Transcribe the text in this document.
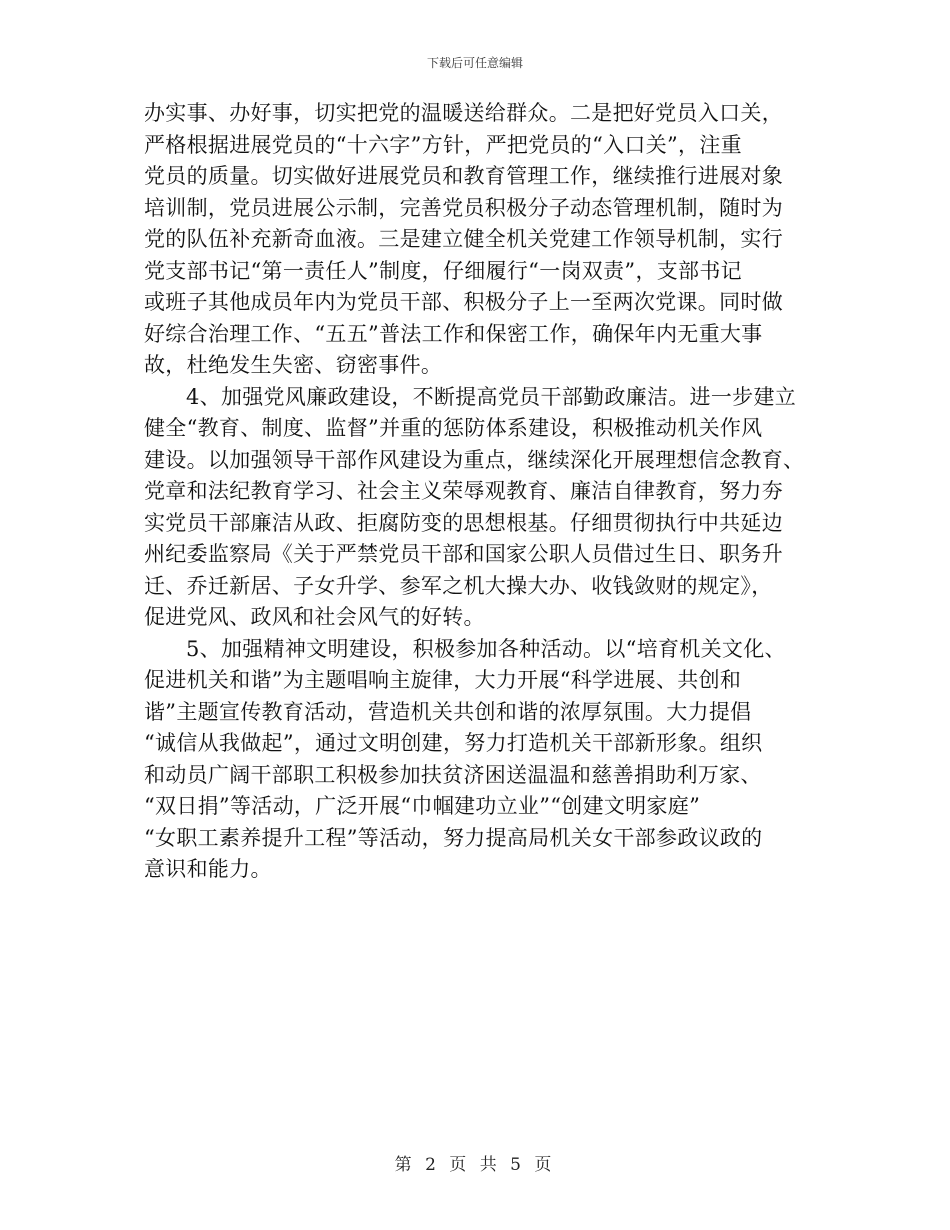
下载后可任意编辑
办实事、办好事，切实把党的温暖送给群众。二是把好党员入口关，
严格根据进展党员的“十六字”方针，严把党员的“入口关”，注重
党员的质量。切实做好进展党员和教育管理工作，继续推行进展对象
培训制，党员进展公示制，完善党员积极分子动态管理机制，随时为
党的队伍补充新奇血液。三是建立健全机关党建工作领导机制，实行
党支部书记“第一责任人”制度，仔细履行“一岗双责”，支部书记
或班子其他成员年内为党员干部、积极分子上一至两次党课。同时做
好综合治理工作、“五五”普法工作和保密工作，确保年内无重大事
故，杜绝发生失密、窃密事件。
4、加强党风廉政建设，不断提高党员干部勤政廉洁。进一步建立
健全“教育、制度、监督”并重的惩防体系建设，积极推动机关作风
建设。以加强领导干部作风建设为重点，继续深化开展理想信念教育、
党章和法纪教育学习、社会主义荣辱观教育、廉洁自律教育，努力夯
实党员干部廉洁从政、拒腐防变的思想根基。仔细贯彻执行中共延边
州纪委监察局《关于严禁党员干部和国家公职人员借过生日、职务升
迁、乔迁新居、子女升学、参军之机大操大办、收钱敛财的规定》，
促进党风、政风和社会风气的好转。
5、加强精神文明建设，积极参加各种活动。以“培育机关文化、
促进机关和谐”为主题唱响主旋律，大力开展“科学进展、共创和
谐”主题宣传教育活动，营造机关共创和谐的浓厚氛围。大力提倡
“诚信从我做起”，通过文明创建，努力打造机关干部新形象。组织
和动员广阔干部职工积极参加扶贫济困送温温和慈善捐助利万家、
“双日捐”等活动，广泛开展“巾帼建功立业”“创建文明家庭”
“女职工素养提升工程”等活动，努力提高局机关女干部参政议政的
意识和能力。
第 2 页 共 5 页
